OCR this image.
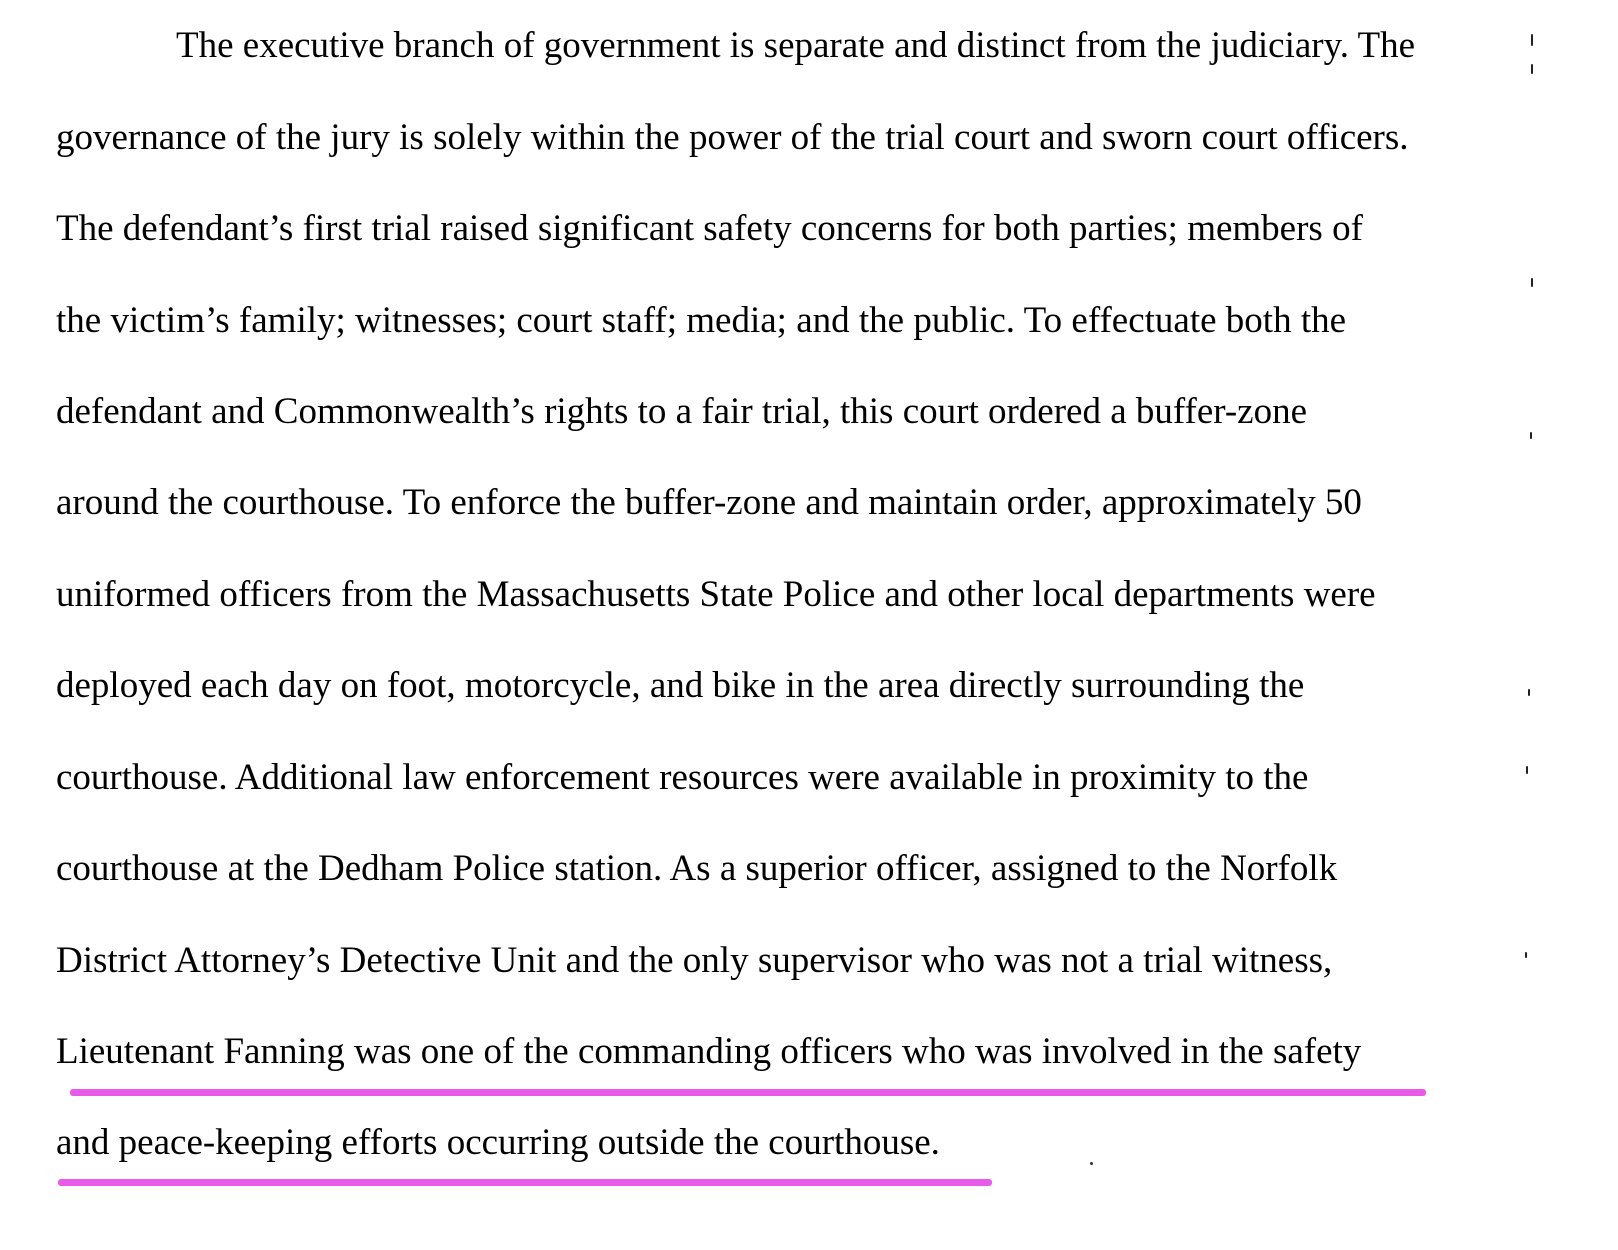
The executive branch of government is separate and distinct from the judiciary. The
governance of the jury is solely within the power of the trial court and sworn court officers.
The defendant’s first trial raised significant safety concerns for both parties; members of
the victim’s family; witnesses; court staff; media; and the public. To effectuate both the
defendant and Commonwealth’s rights to a fair trial, this court ordered a buffer-zone
around the courthouse. To enforce the buffer-zone and maintain order, approximately 50
uniformed officers from the Massachusetts State Police and other local departments were
deployed each day on foot, motorcycle, and bike in the area directly surrounding the
courthouse. Additional law enforcement resources were available in proximity to the
courthouse at the Dedham Police station. As a superior officer, assigned to the Norfolk
District Attorney’s Detective Unit and the only supervisor who was not a trial witness,
Lieutenant Fanning was one of the commanding officers who was involved in the safety
and peace-keeping efforts occurring outside the courthouse.
